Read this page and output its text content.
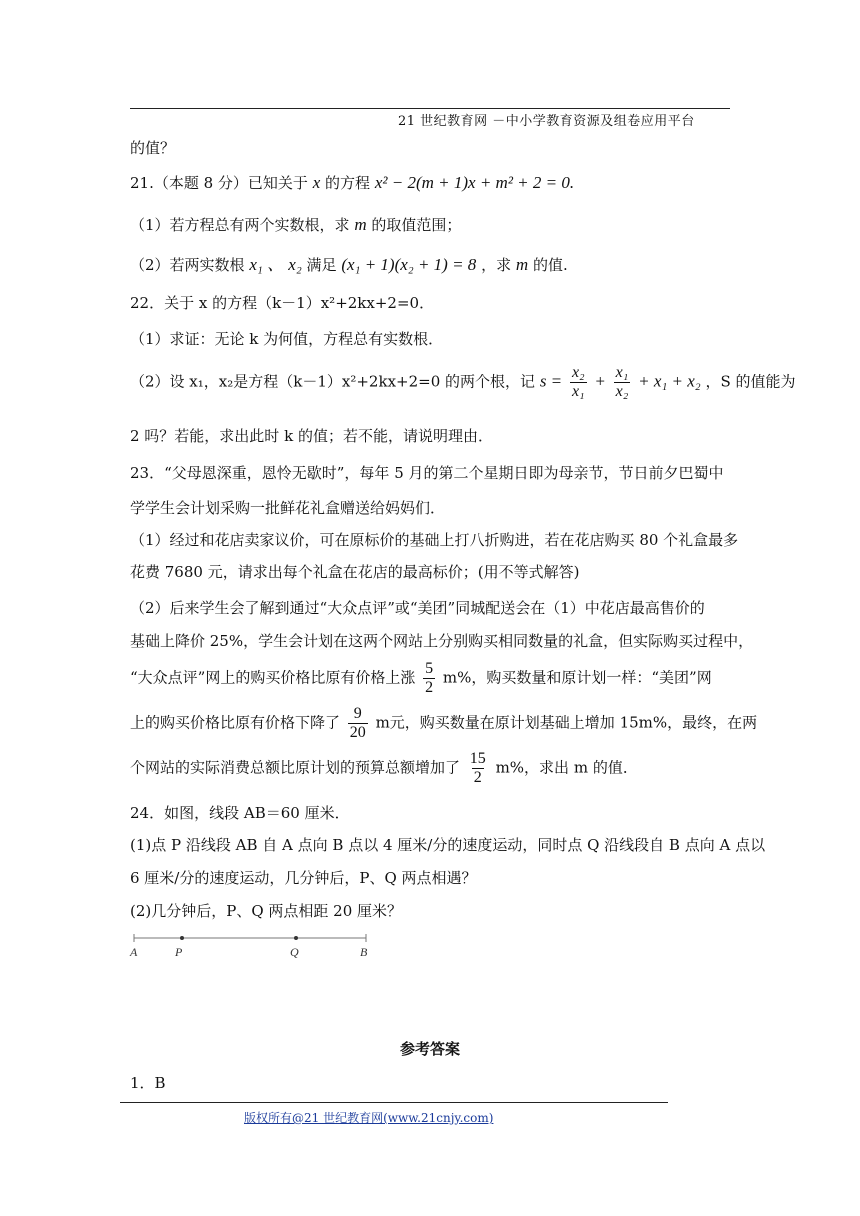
21 世纪教育网 －中小学教育资源及组卷应用平台
的值？
21.（本题 8 分）已知关于 x 的方程 x² − 2(m + 1)x + m² + 2 = 0.
（1）若方程总有两个实数根，求 m 的取值范围；
（2）若两实数根 x₁ 、 x₂ 满足 (x₁ + 1)(x₂ + 1) = 8 ，求 m 的值.
22．关于 x 的方程（k－1）x²+2kx+2=0．
（1）求证：无论 k 为何值，方程总有实数根．
（2）设 x₁，x₂是方程（k－1）x²+2kx+2=0 的两个根，记 $s = \frac{\text{x₂}}{\text{x₁}} + \frac{\text{x₁}}{\text{x₂}} + x_1 + x_2$ ，S 的值能为
2 吗？若能，求出此时 k 的值；若不能，请说明理由．
23．“父母恩深重，恩怜无歇时”，每年 5 月的第二个星期日即为母亲节，节日前夕巴蜀中
学学生会计划采购一批鲜花礼盒赠送给妈妈们．
（1）经过和花店卖家议价，可在原标价的基础上打八折购进，若在花店购买 80 个礼盒最多
花费 7680 元，请求出每个礼盒在花店的最高标价；(用不等式解答)
（2）后来学生会了解到通过“大众点评”或“美团”同城配送会在（1）中花店最高售价的
基础上降价 25%，学生会计划在这两个网站上分别购买相同数量的礼盒，但实际购买过程中，
“大众点评”网上的购买价格比原有价格上涨 $\frac{5}{2} m\%$，购买数量和原计划一样：“美团”网
上的购买价格比原有价格下降了 $\frac{9}{20}$ m元，购买数量在原计划基础上增加 15m%，最终，在两
个网站的实际消费总额比原计划的预算总额增加了 $\frac{15}{2} m\%$，求出 m 的值．
24．如图，线段 AB＝60 厘米．
(1)点 P 沿线段 AB 自 A 点向 B 点以 4 厘米/分的速度运动，同时点 Q 沿线段自 B 点向 A 点以
6 厘米/分的速度运动，几分钟后，P、Q 两点相遇？
(2)几分钟后，P、Q 两点相距 20 厘米？
A	P	Q	B
参考答案
1．B
版权所有@21 世纪教育网(www.21cnjy.com)
